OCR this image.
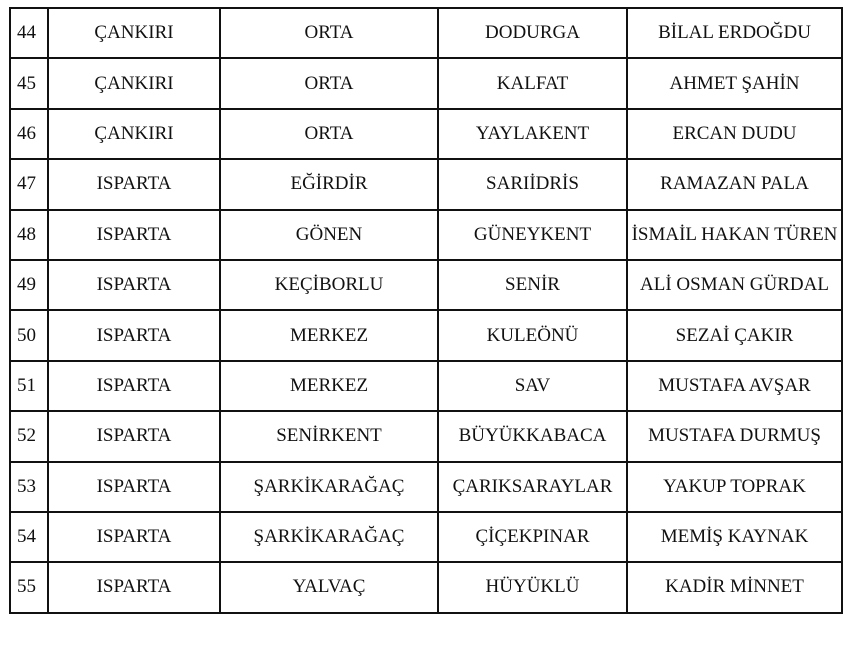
44	ÇANKIRI	ORTA	DODURGA	BİLAL ERDOĞDU
45	ÇANKIRI	ORTA	KALFAT	AHMET ŞAHİN
46	ÇANKIRI	ORTA	YAYLAKENT	ERCAN DUDU
47	ISPARTA	EĞİRDİR	SARIİDRİS	RAMAZAN PALA
48	ISPARTA	GÖNEN	GÜNEYKENT	İSMAİL HAKAN TÜREN
49	ISPARTA	KEÇİBORLU	SENİR	ALİ OSMAN GÜRDAL
50	ISPARTA	MERKEZ	KULEÖNÜ	SEZAİ ÇAKIR
51	ISPARTA	MERKEZ	SAV	MUSTAFA AVŞAR
52	ISPARTA	SENİRKENT	BÜYÜKKABACA	MUSTAFA DURMUŞ
53	ISPARTA	ŞARKİKARAĞAÇ	ÇARIKSARAYLAR	YAKUP TOPRAK
54	ISPARTA	ŞARKİKARAĞAÇ	ÇİÇEKPINAR	MEMİŞ KAYNAK
55	ISPARTA	YALVAÇ	HÜYÜKLÜ	KADİR MİNNET
